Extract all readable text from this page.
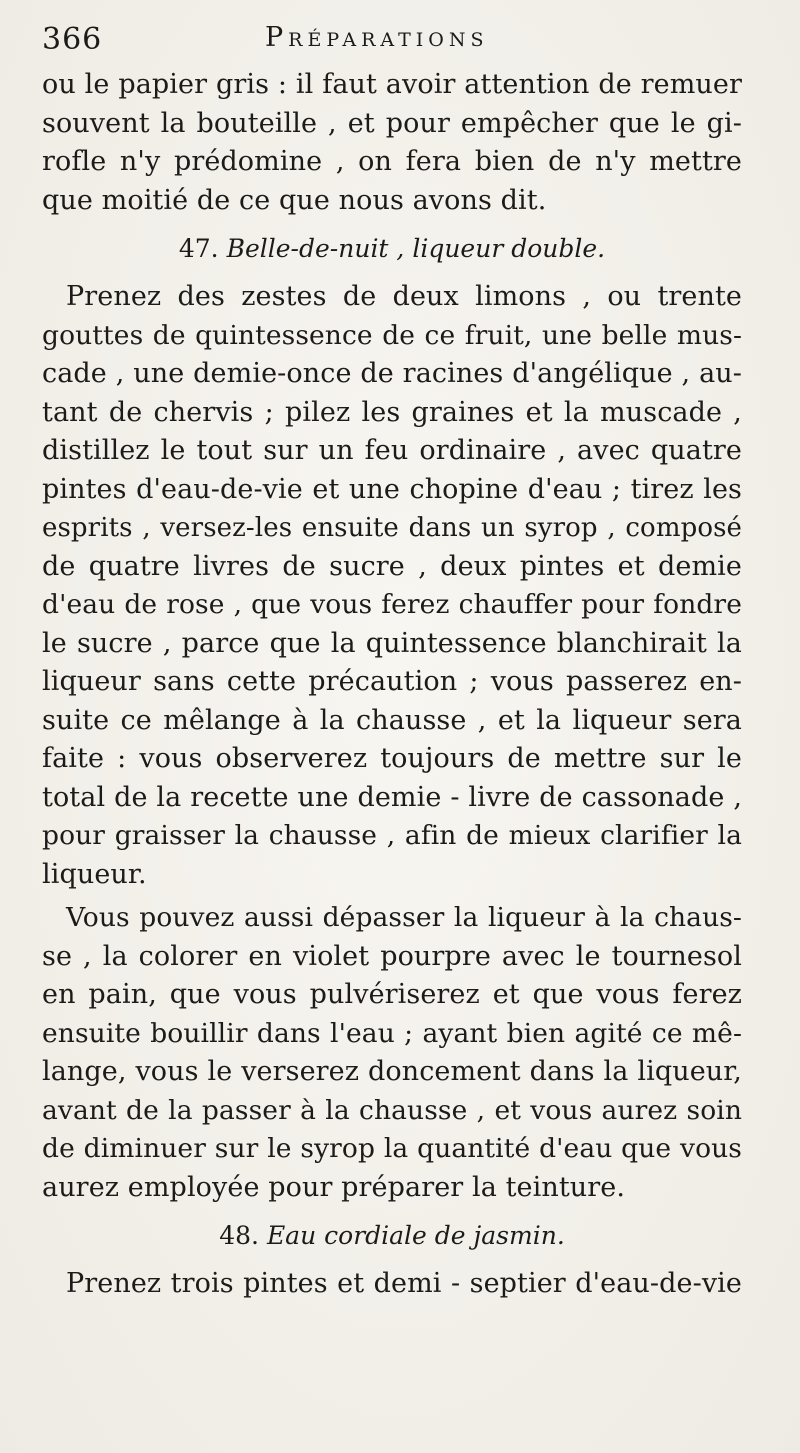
366	Préparations
ou le papier gris : il faut avoir attention de remuer
souvent la bouteille , et pour empêcher que le gi-
rofle n'y prédomine , on fera bien de n'y mettre
que moitié de ce que nous avons dit.
47. Belle-de-nuit , liqueur double.
Prenez des zestes de deux limons , ou trente
gouttes de quintessence de ce fruit, une belle mus-
cade , une demie-once de racines d'angélique , au-
tant de chervis ; pilez les graines et la muscade ,
distillez le tout sur un feu ordinaire , avec quatre
pintes d'eau-de-vie et une chopine d'eau ; tirez les
esprits , versez-les ensuite dans un syrop , composé
de quatre livres de sucre , deux pintes et demie
d'eau de rose , que vous ferez chauffer pour fondre
le sucre , parce que la quintessence blanchirait la
liqueur sans cette précaution ; vous passerez en-
suite ce mêlange à la chausse , et la liqueur sera
faite : vous observerez toujours de mettre sur le
total de la recette une demie - livre de cassonade ,
pour graisser la chausse , afin de mieux clarifier la
liqueur.
Vous pouvez aussi dépasser la liqueur à la chaus-
se , la colorer en violet pourpre avec le tournesol
en pain, que vous pulvériserez et que vous ferez
ensuite bouillir dans l'eau ; ayant bien agité ce mê-
lange, vous le verserez doncement dans la liqueur,
avant de la passer à la chausse , et vous aurez soin
de diminuer sur le syrop la quantité d'eau que vous
aurez employée pour préparer la teinture.
48. Eau cordiale de jasmin.
Prenez trois pintes et demi - septier d'eau-de-vie
